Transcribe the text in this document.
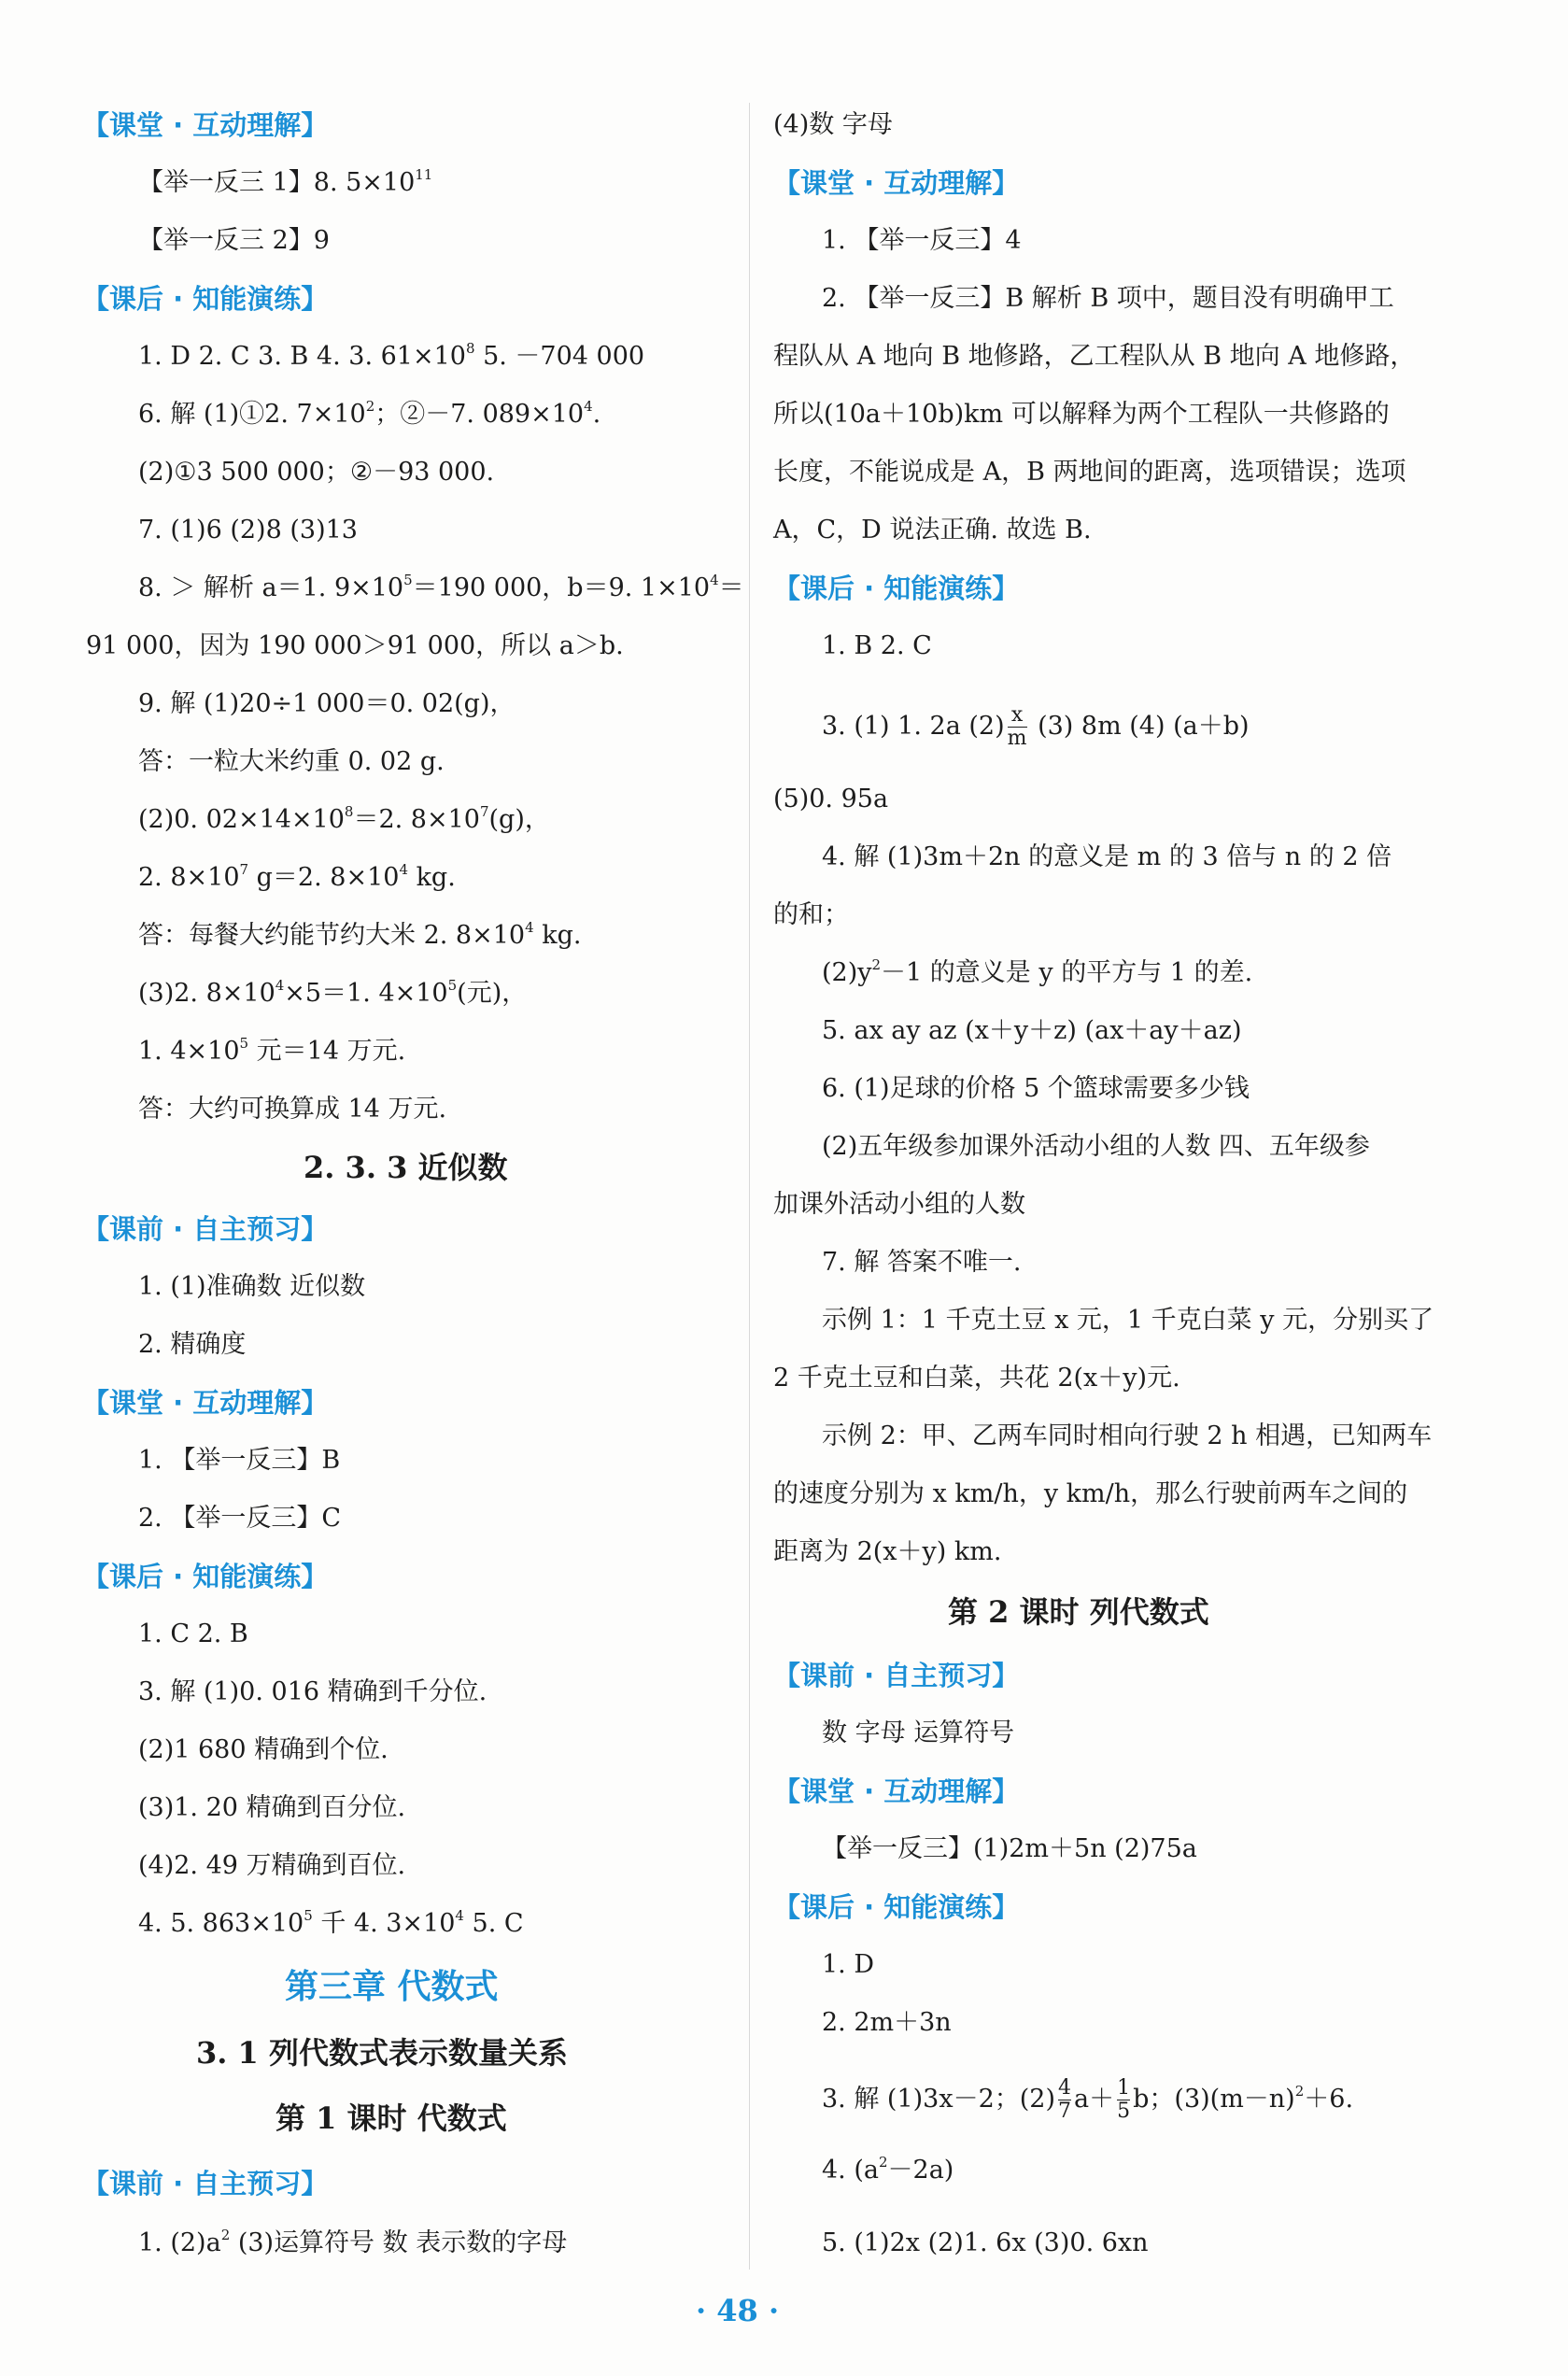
【课堂 · 互动理解】
【举一反三 1】8. $5\times 10^{11}$
【举一反三 2】9
【课后 · 知能演练】
1. D 2. C 3. B 4. 3. $61\times 10^8$ 5. －704 000
6. 解 (1)①2. $7\times 10^2$；②－7. $089\times 10^4$.
(2)①3 500 000；②－93 000.
7. (1)6 (2)8 (3)13
8. ＞ 解析 a＝1. $9\times 10^5=190$ 000，b＝9. $1\times 10^4=$
91 000，因为 190 000＞91 000，所以 a＞b.
9. 解 (1)20÷1 000＝0. 02(g)，
答：一粒大米约重 0. 02 g.
(2)0. $02\times 14\times 10^8=2$. $8\times 10^7(g)$，
2. $8\times 10^7$ g＝2. $8\times 10^4$ kg.
答：每餐大约能节约大米 2. $8\times 10^4$ kg.
(3)2. $8\times 10^4\times 5=1$. $4\times 10^5$(元)，
1. $4\times 10^5$ 元＝14 万元.
答：大约可换算成 14 万元.
2. 3. 3 近似数
【课前 · 自主预习】
1. (1)准确数 近似数
2. 精确度
【课堂 · 互动理解】
1. 【举一反三】B
2. 【举一反三】C
【课后 · 知能演练】
1. C 2. B
3. 解 (1)0. 016 精确到千分位.
(2)1 680 精确到个位.
(3)1. 20 精确到百分位.
(4)2. 49 万精确到百位.
4. 5. $863\times 10^5$ 千 4. $3\times 10^4$ 5. C
第三章 代数式
3. 1 列代数式表示数量关系
第 1 课时 代数式
【课前 · 自主预习】
1. $(2)a^2$ (3)运算符号 数 表示数的字母
(4)数 字母
【课堂 · 互动理解】
1. 【举一反三】4
2. 【举一反三】B 解析 B 项中，题目没有明确甲工
程队从 A 地向 B 地修路，乙工程队从 B 地向 A 地修路，
所以(10a＋10b)km 可以解释为两个工程队一共修路的
长度，不能说成是 A，B 两地间的距离，选项错误；选项
A，C，D 说法正确. 故选 B.
【课后 · 知能演练】
1. B 2. C
3. (1) 1. 2a $(2) \frac{x}{m} (3)$ 8m (4) (a＋b)
(5)0. 95a
4. 解 (1)3m＋2n 的意义是 m 的 3 倍与 n 的 2 倍
的和；
$(2)y^2-1$ 的意义是 y 的平方与 1 的差.
5. ax ay az (x＋y＋z) (ax＋ay＋az)
6. (1)足球的价格 5 个篮球需要多少钱
(2)五年级参加课外活动小组的人数 四、五年级参
加课外活动小组的人数
7. 解 答案不唯一.
示例 1：1 千克土豆 x 元，1 千克白菜 y 元，分别买了
2 千克土豆和白菜，共花 2(x＋y)元.
示例 2：甲、乙两车同时相向行驶 2 h 相遇，已知两车
的速度分别为 x km/h，y km/h，那么行驶前两车之间的
距离为 2(x＋y) km.
第 2 课时 列代数式
【课前 · 自主预习】
数 字母 运算符号
【课堂 · 互动理解】
【举一反三】(1)2m＋5n (2)75a
【课后 · 知能演练】
1. D
2. 2m＋3n
3. 解 (1)3x－2；$(2) \frac{4}{7} a+ \frac{1}{5}$ b；$(3)(m-n)^2+6$.
4. $(a^2-2a)$
5. (1)2x (2)1. 6x (3)0. 6xn
· 48 ·
